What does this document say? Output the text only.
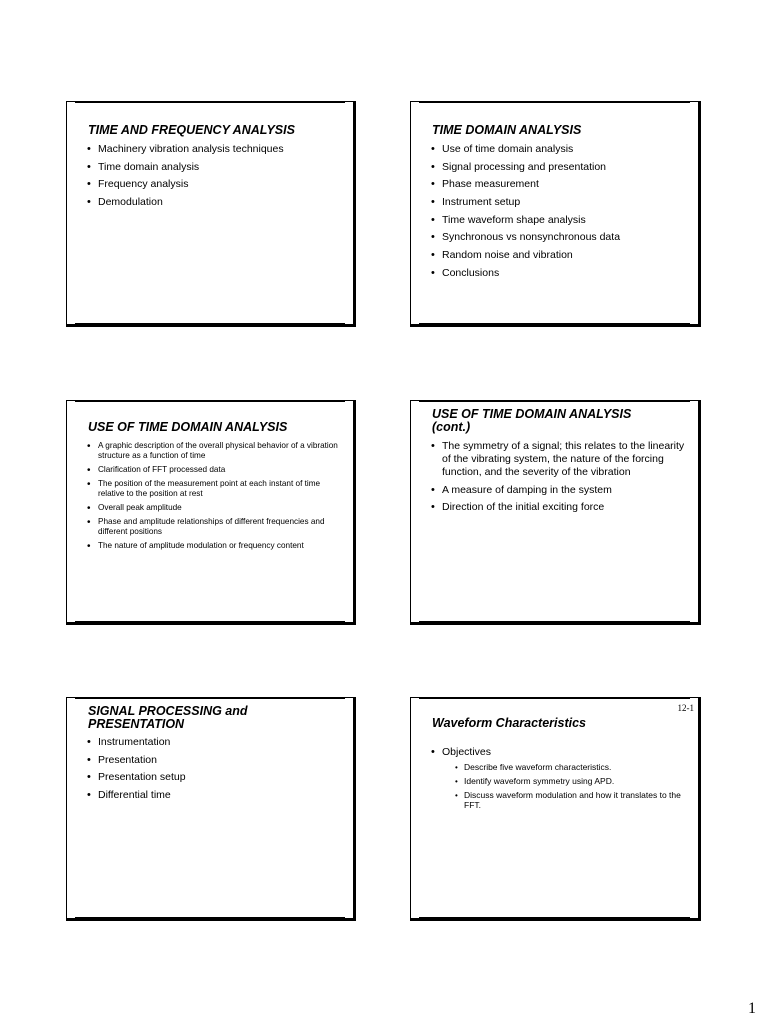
TIME AND FREQUENCY ANALYSIS
• Machinery vibration analysis techniques
• Time domain analysis
• Frequency analysis
• Demodulation
TIME DOMAIN ANALYSIS
• Use of time domain analysis
• Signal processing and presentation
• Phase measurement
• Instrument setup
• Time waveform shape analysis
• Synchronous vs nonsynchronous data
• Random noise and vibration
• Conclusions
USE OF TIME DOMAIN ANALYSIS
• A graphic description of the overall physical behavior of a vibration structure as a function of time
• Clarification of FFT processed data
• The position of the measurement point at each instant of time relative to the position at rest
• Overall peak amplitude
• Phase and amplitude relationships of different frequencies and different positions
• The nature of amplitude modulation or frequency content
USE OF TIME DOMAIN ANALYSIS
(cont.)
• The symmetry of a signal; this relates to the linearity of the vibrating system, the nature of the forcing function, and the severity of the vibration
• A measure of damping in the system
• Direction of the initial exciting force
SIGNAL PROCESSING and
PRESENTATION
• Instrumentation
• Presentation
• Presentation setup
• Differential time
12-1
Waveform Characteristics
• Objectives
• Describe five waveform characteristics.
• Identify waveform symmetry using APD.
• Discuss waveform modulation and how it translates to the FFT.
1
